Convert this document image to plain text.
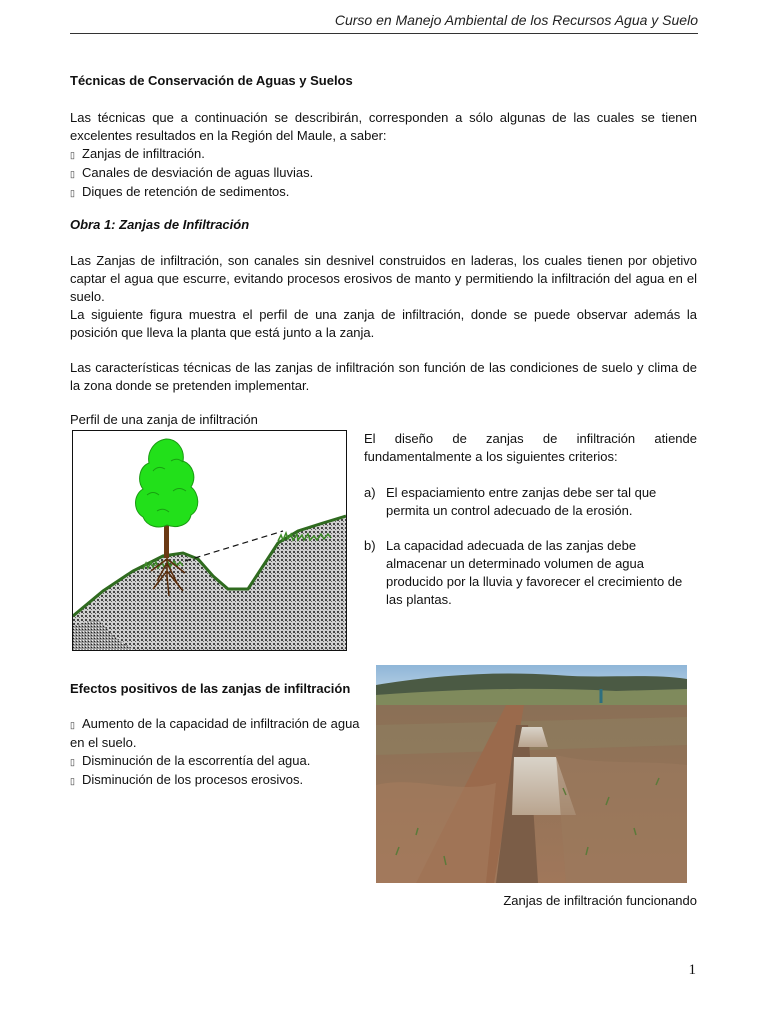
Curso en Manejo Ambiental de los Recursos Agua y Suelo
Técnicas de Conservación de Aguas y Suelos
Las técnicas que a continuación se describirán, corresponden a sólo algunas de las cuales se tienen excelentes resultados en la Región del Maule, a saber:
▯ Zanjas de infiltración.
▯ Canales de desviación de aguas lluvias.
▯ Diques de retención de sedimentos.
Obra 1: Zanjas de Infiltración
Las Zanjas de infiltración, son canales sin desnivel construidos en laderas, los cuales tienen por objetivo captar el agua que escurre, evitando procesos erosivos de manto y permitiendo la infiltración del agua en el suelo.
La siguiente figura muestra el perfil de una zanja de infiltración, donde se puede observar además la posición que lleva la planta que está junto a la zanja.
Las características técnicas de las zanjas de infiltración son función de las condiciones de suelo y clima de la zona donde se pretenden implementar.
Perfil de una zanja de infiltración
El diseño de zanjas de infiltración atiende fundamentalmente a los siguientes criterios:
a) El espaciamiento entre zanjas debe ser tal que permita un control adecuado de la erosión.
b) La capacidad adecuada de las zanjas debe almacenar un determinado volumen de agua producido por la lluvia y favorecer el crecimiento de las plantas.
Efectos positivos de las zanjas de infiltración
▯ Aumento de la capacidad de infiltración de agua en el suelo.
▯ Disminución de la escorrentía del agua.
▯ Disminución de los procesos erosivos.
Zanjas de infiltración funcionando
1
